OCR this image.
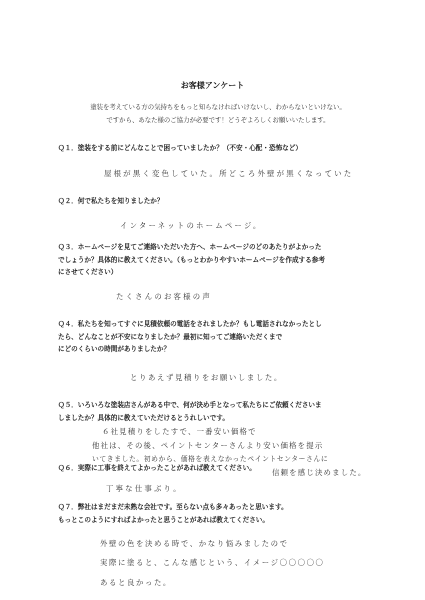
お客様アンケート
塗装を考えている方の気持ちをもっと知らなければいけないし、わからないといけない。
ですから、あなた様のご協力が必要です！どうぞよろしくお願いいたします。
Ｑ１．塗装をする前にどんなことで困っていましたか？（不安・心配・恐怖など）
屋根が黒く変色していた。所どころ外壁が黒くなっていた
Ｑ２．何で私たちを知りましたか？
インターネットのホームページ。
Ｑ３．ホームページを見てご連絡いただいた方へ、ホームページのどのあたりがよかった
でしょうか？具体的に教えてください。（もっとわかりやすいホームページを作成する参考
にさせてください）
たくさんのお客様の声
Ｑ４．私たちを知ってすぐに見積依頼の電話をされましたか？もし電話されなかったとし
たら、どんなことが不安になりましたか？最初に知ってご連絡いただくまで
にどのくらいの時間がありましたか？
とりあえず見積りをお願いしました。
Ｑ５．いろいろな塗装店さんがある中で、何が決め手となって私たちにご依頼くださいま
しましたか？具体的に教えていただけるとうれしいです。
６社見積りをしたすで、一番安い価格で
他社は、その後、ペイントセンターさんより安い価格を提示
いてきました。初めから、価格を表えなかったペイントセンターさんに
信頼を感じ決めました。
Ｑ６．実際に工事を終えてよかったことがあれば教えてください。
丁寧な仕事ぶり。
Ｑ７．弊社はまだまだ未熟な会社です。至らない点も多々あったと思います。
もっとこのようにすればよかったと思うことがあれば教えてください。
外壁の色を決める時で、かなり悩みましたので
実際に塗ると、こんな感じという、イメージ〇〇〇〇〇
あると良かった。
